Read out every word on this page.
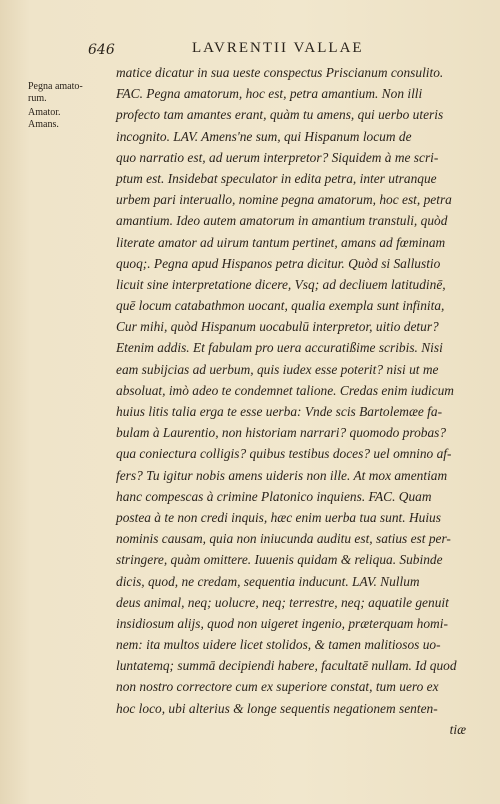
646	LAVRENTII VALLAE
Pegna amato-
rum.
Amator.
Amans.
matice dicatur in sua ueste conspectus Priscianum consulito.
FAC. Pegna amatorum, hoc est, petra amantium. Non illi
profecto tam amantes erant, quàm tu amens, qui uerbo uteris
incognito. LAV. Amens'ne sum, qui Hispanum locum de
quo narratio est, ad uerum interpretor? Siquidem à me scri-
ptum est. Insidebat speculator in edita petra, inter utranque
urbem pari interuallo, nomine pegna amatorum, hoc est, petra
amantium. Ideo autem amatorum in amantium transtuli, quòd
literate amator ad uirum tantum pertinet, amans ad fœminam
quoq;. Pegna apud Hispanos petra dicitur. Quòd si Sallustio
licuit sine interpretatione dicere, Vsq; ad decliuem latitudinē,
quē locum catabathmon uocant, qualia exempla sunt infinita,
Cur mihi, quòd Hispanum uocabulū interpretor, uitio detur?
Etenim addis. Et fabulam pro uera accuratißime scribis. Nisi
eam subijcias ad uerbum, quis iudex esse poterit? nisi ut me
absoluat, imò adeo te condemnet talione. Credas enim iudicum
huius litis talia erga te esse uerba: Vnde scis Bartolemæe fa-
bulam à Laurentio, non historiam narrari? quomodo probas?
qua coniectura colligis? quibus testibus doces? uel omnino af-
fers? Tu igitur nobis amens uideris non ille. At mox amentiam
hanc compescas à crimine Platonico inquiens. FAC. Quam
postea à te non credi inquis, hæc enim uerba tua sunt. Huius
nominis causam, quia non iniucunda auditu est, satius est per-
stringere, quàm omittere. Iuuenis quidam & reliqua. Subinde
dicis, quod, ne credam, sequentia inducunt. LAV. Nullum
deus animal, neq; uolucre, neq; terrestre, neq; aquatile genuit
insidiosum alijs, quod non uigeret ingenio, præterquam homi-
nem: ita multos uidere licet stolidos, & tamen malitiosos uo-
luntatemq; summā decipiendi habere, facultatē nullam. Id quod
non nostro correctore cum ex superiore constat, tum uero ex
hoc loco, ubi alterius & longe sequentis negationem senten-
tiæ
